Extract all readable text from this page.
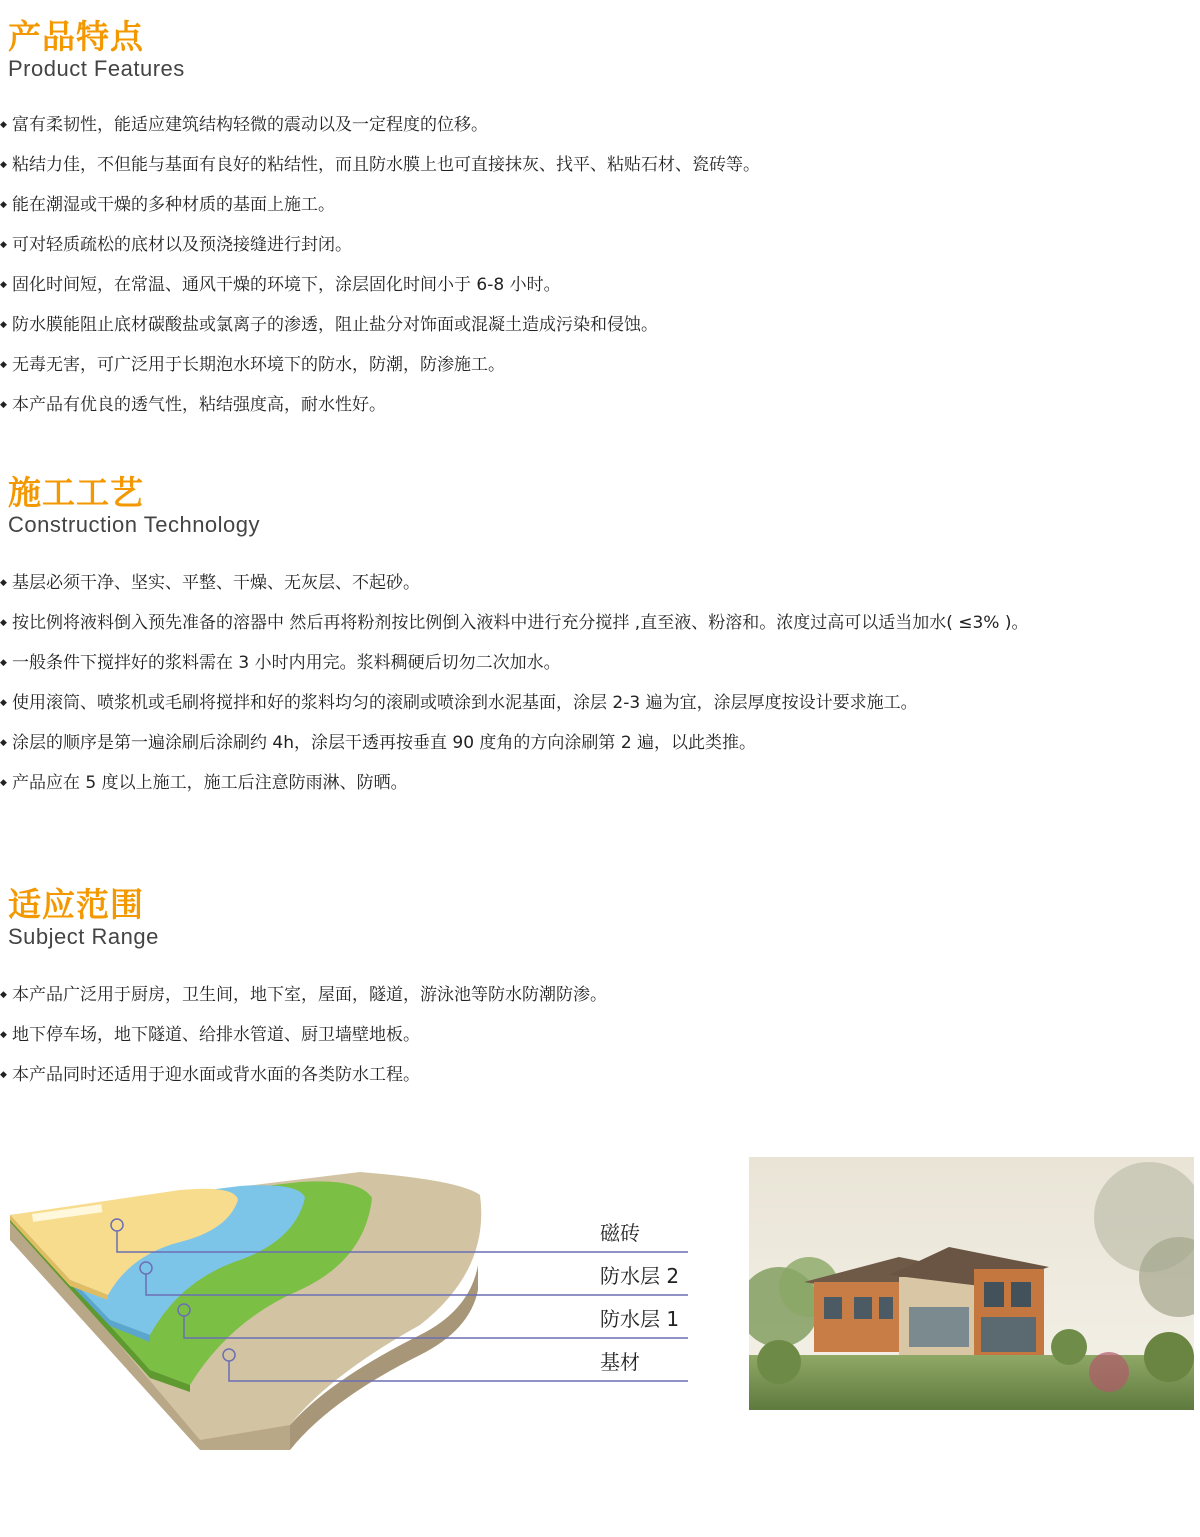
产品特点
Product Features
◆ 富有柔韧性，能适应建筑结构轻微的震动以及一定程度的位移。
◆ 粘结力佳，不但能与基面有良好的粘结性，而且防水膜上也可直接抹灰、找平、粘贴石材、瓷砖等。
◆ 能在潮湿或干燥的多种材质的基面上施工。
◆ 可对轻质疏松的底材以及预浇接缝进行封闭。
◆ 固化时间短，在常温、通风干燥的环境下，涂层固化时间小于 6-8 小时。
◆ 防水膜能阻止底材碳酸盐或氯离子的渗透，阻止盐分对饰面或混凝土造成污染和侵蚀。
◆ 无毒无害，可广泛用于长期泡水环境下的防水，防潮，防渗施工。
◆ 本产品有优良的透气性，粘结强度高，耐水性好。
施工工艺
Construction Technology
◆ 基层必须干净、坚实、平整、干燥、无灰层、不起砂。
◆ 按比例将液料倒入预先准备的溶器中 然后再将粉剂按比例倒入液料中进行充分搅拌 ,直至液、粉溶和。浓度过高可以适当加水( ≤3% )。
◆ 一般条件下搅拌好的浆料需在 3 小时内用完。浆料稠硬后切勿二次加水。
◆ 使用滚筒、喷浆机或毛刷将搅拌和好的浆料均匀的滚刷或喷涂到水泥基面，涂层 2-3 遍为宜，涂层厚度按设计要求施工。
◆ 涂层的顺序是第一遍涂刷后涂刷约 4h，涂层干透再按垂直 90 度角的方向涂刷第 2 遍，以此类推。
◆ 产品应在 5 度以上施工，施工后注意防雨淋、防晒。
适应范围
Subject Range
◆ 本产品广泛用于厨房，卫生间，地下室，屋面，隧道，游泳池等防水防潮防渗。
◆ 地下停车场，地下隧道、给排水管道、厨卫墙壁地板。
◆ 本产品同时还适用于迎水面或背水面的各类防水工程。
磁砖
防水层 2
防水层 1
基材
